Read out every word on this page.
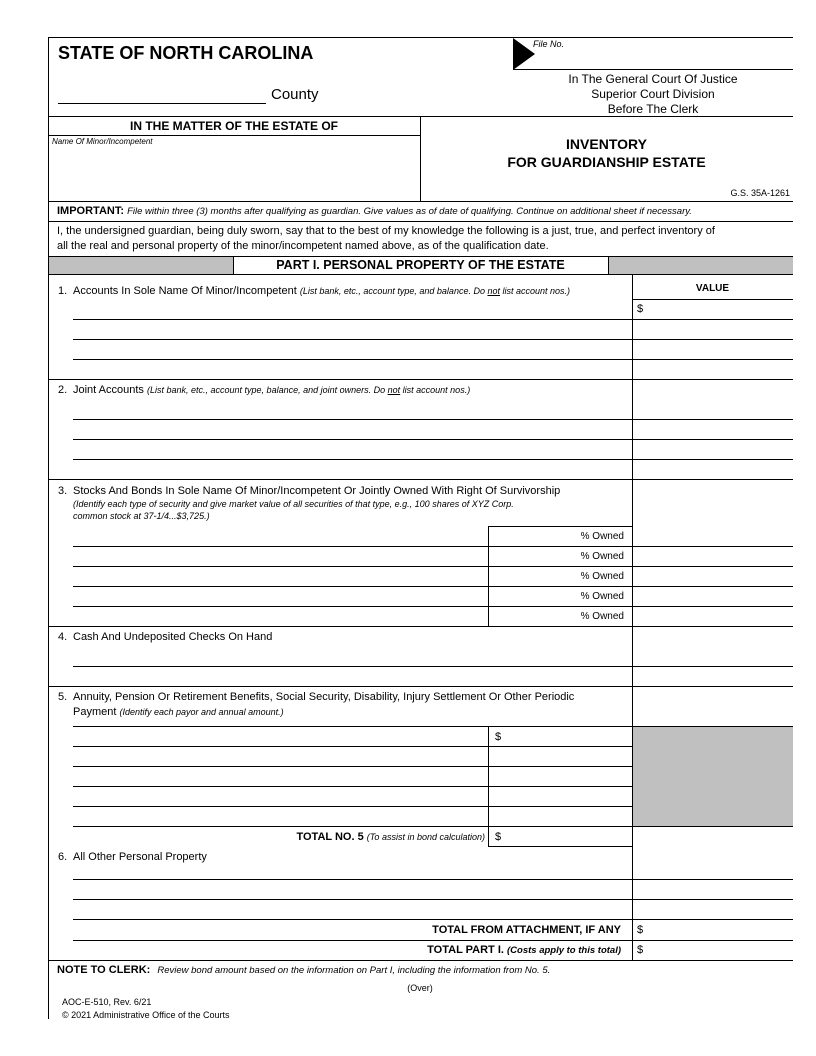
STATE OF NORTH CAROLINA	File No.
County
In The General Court Of Justice
Superior Court Division
Before The Clerk
IN THE MATTER OF THE ESTATE OF
Name Of Minor/Incompetent	INVENTORY
FOR GUARDIANSHIP ESTATE
G.S. 35A-1261
IMPORTANT: File within three (3) months after qualifying as guardian. Give values as of date of qualifying. Continue on additional sheet if necessary.
I, the undersigned guardian, being duly sworn, say that to the best of my knowledge the following is a just, true, and perfect inventory of
all the real and personal property of the minor/incompetent named above, as of the qualification date.
PART I. PERSONAL PROPERTY OF THE ESTATE
VALUE
1. Accounts In Sole Name Of Minor/Incompetent (List bank, etc., account type, and balance. Do not list account nos.)
$
2. Joint Accounts (List bank, etc., account type, balance, and joint owners. Do not list account nos.)
3. Stocks And Bonds In Sole Name Of Minor/Incompetent Or Jointly Owned With Right Of Survivorship
(Identify each type of security and give market value of all securities of that type, e.g., 100 shares of XYZ Corp.
common stock at 37-1/4...$3,725.)
% Owned
% Owned
% Owned
% Owned
% Owned
4. Cash And Undeposited Checks On Hand
5. Annuity, Pension Or Retirement Benefits, Social Security, Disability, Injury Settlement Or Other Periodic
Payment (Identify each payor and annual amount.)
$
TOTAL NO. 5 (To assist in bond calculation) $
6. All Other Personal Property
TOTAL FROM ATTACHMENT, IF ANY $
TOTAL PART I. (Costs apply to this total) $
NOTE TO CLERK: Review bond amount based on the information on Part I, including the information from No. 5.
(Over)
AOC-E-510, Rev. 6/21
© 2021 Administrative Office of the Courts
